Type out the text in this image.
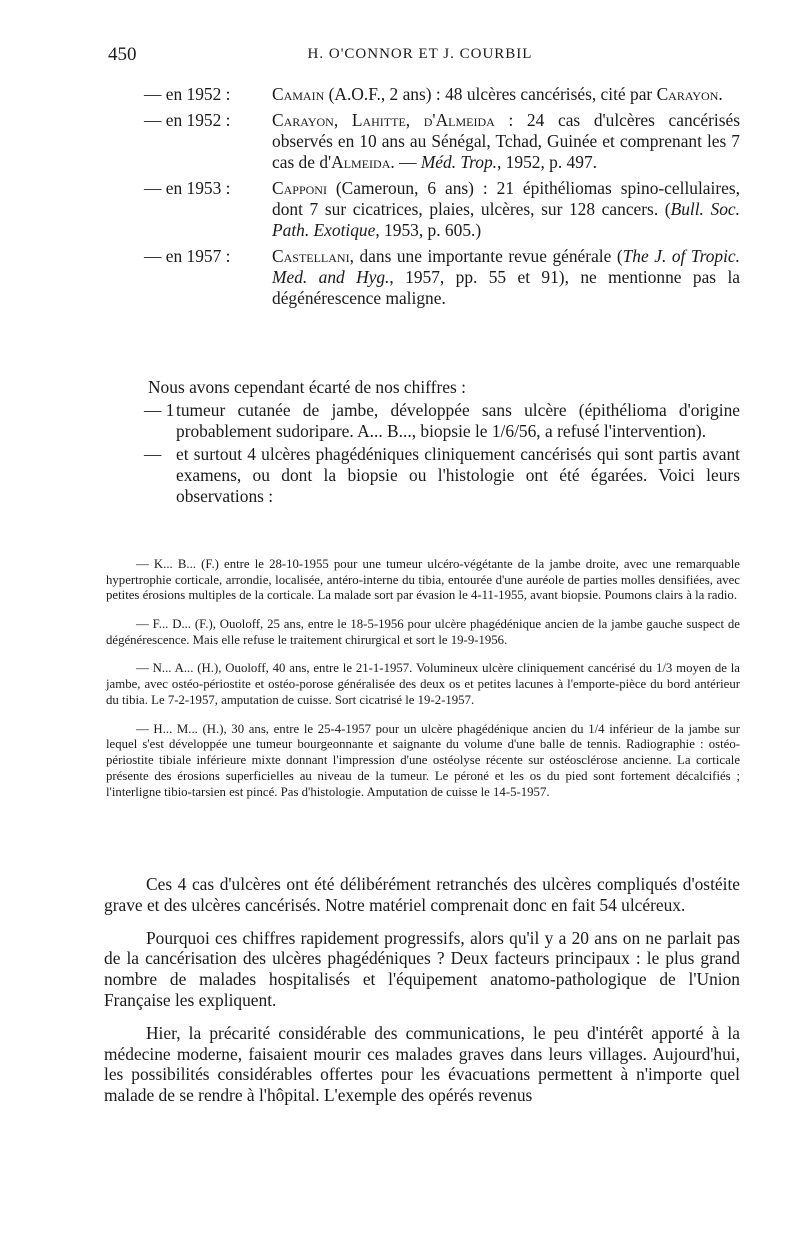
450	H. O'CONNOR ET J. COURBIL
— en 1952 : Camain (A.O.F., 2 ans) : 48 ulcères cancérisés, cité par Carayon.
— en 1952 : Carayon, Lahitte, d'Almeida : 24 cas d'ulcères cancérisés observés en 10 ans au Sénégal, Tchad, Guinée et comprenant les 7 cas de d'Almeida. — Méd. Trop., 1952, p. 497.
— en 1953 : Capponi (Cameroun, 6 ans) : 21 épithéliomas spino-cellulaires, dont 7 sur cicatrices, plaies, ulcères, sur 128 cancers. (Bull. Soc. Path. Exotique, 1953, p. 605.)
— en 1957 : Castellani, dans une importante revue générale (The J. of Tropic. Med. and Hyg., 1957, pp. 55 et 91), ne mentionne pas la dégénérescence maligne.
Nous avons cependant écarté de nos chiffres :
— 1 tumeur cutanée de jambe, développée sans ulcère (épithélioma d'origine probablement sudoripare. A... B..., biopsie le 1/6/56, a refusé l'intervention).
— et surtout 4 ulcères phagédéniques cliniquement cancérisés qui sont partis avant examens, ou dont la biopsie ou l'histologie ont été égarées. Voici leurs observations :

— K... B... (F.) entre le 28-10-1955 pour une tumeur ulcéro-végétante de la jambe droite, avec une remarquable hypertrophie corticale, arrondie, localisée, antéro-interne du tibia, entourée d'une auréole de parties molles densifiées, avec petites érosions multiples de la corticale. La malade sort par évasion le 4-11-1955, avant biopsie. Poumons clairs à la radio.

— F... D... (F.), Ouoloff, 25 ans, entre le 18-5-1956 pour ulcère phagédénique ancien de la jambe gauche suspect de dégénérescence. Mais elle refuse le traitement chirurgical et sort le 19-9-1956.

— N... A... (H.), Ouoloff, 40 ans, entre le 21-1-1957. Volumineux ulcère cliniquement cancérisé du 1/3 moyen de la jambe, avec ostéo-périostite et ostéo-porose généralisée des deux os et petites lacunes à l'emporte-pièce du bord antérieur du tibia. Le 7-2-1957, amputation de cuisse. Sort cicatrisé le 19-2-1957.

— H... M... (H.), 30 ans, entre le 25-4-1957 pour un ulcère phagédénique ancien du 1/4 inférieur de la jambe sur lequel s'est développée une tumeur bourgeonnante et saignante du volume d'une balle de tennis. Radiographie : ostéo-périostite tibiale inférieure mixte donnant l'impression d'une ostéolyse récente sur ostéosclérose ancienne. La corticale présente des érosions superficielles au niveau de la tumeur. Le péroné et les os du pied sont fortement décalcifiés ; l'interligne tibio-tarsien est pincé. Pas d'histologie. Amputation de cuisse le 14-5-1957.

Ces 4 cas d'ulcères ont été délibérément retranchés des ulcères compliqués d'ostéite grave et des ulcères cancérisés. Notre matériel comprenait donc en fait 54 ulcéreux.

Pourquoi ces chiffres rapidement progressifs, alors qu'il y a 20 ans on ne parlait pas de la cancérisation des ulcères phagédéniques ? Deux facteurs principaux : le plus grand nombre de malades hospitalisés et l'équipement anatomo-pathologique de l'Union Française les expliquent.

Hier, la précarité considérable des communications, le peu d'intérêt apporté à la médecine moderne, faisaient mourir ces malades graves dans leurs villages. Aujourd'hui, les possibilités considérables offertes pour les évacuations permettent à n'importe quel malade de se rendre à l'hôpital. L'exemple des opérés revenus
